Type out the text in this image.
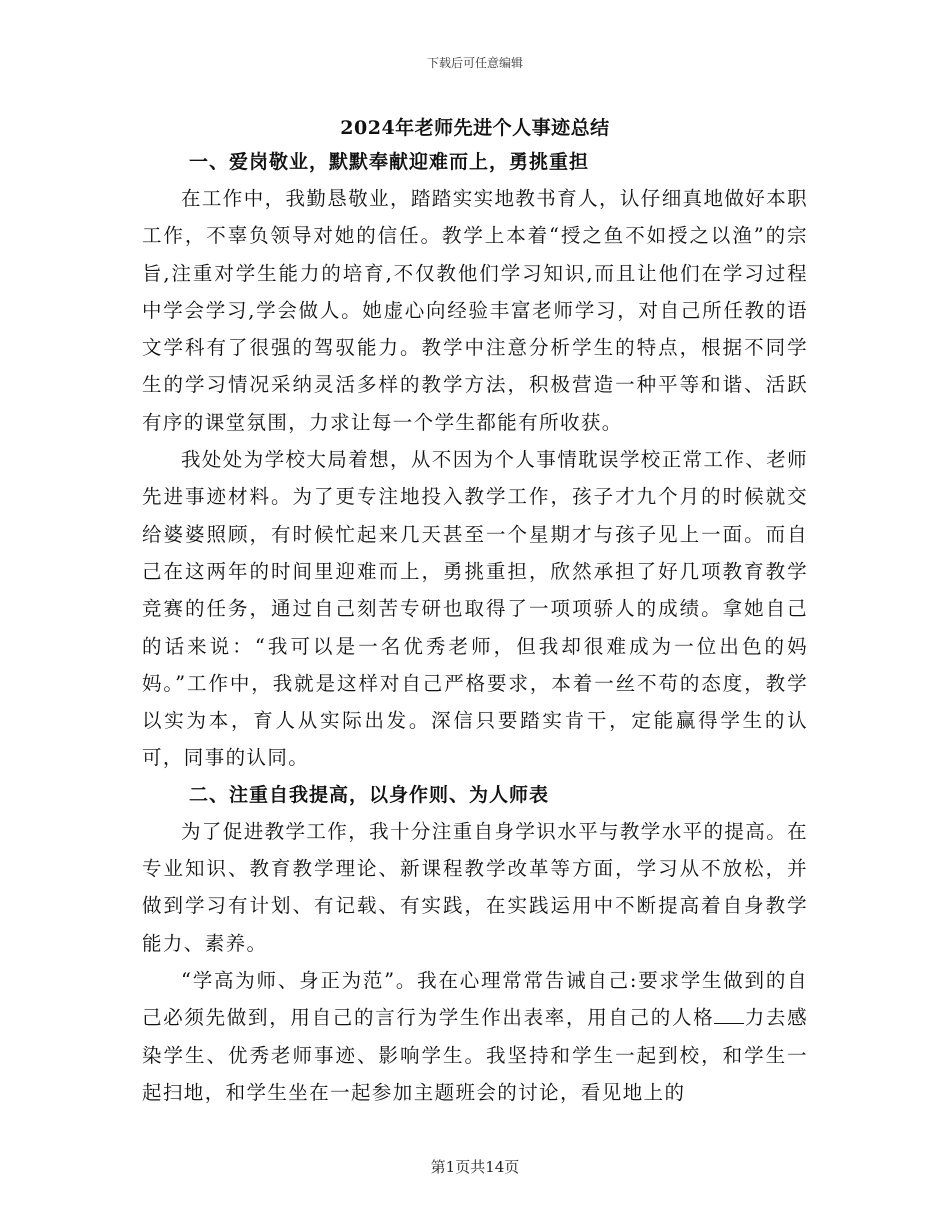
下载后可任意编辑
2024年老师先进个人事迹总结
一、爱岗敬业，默默奉献迎难而上，勇挑重担

在工作中，我勤恳敬业，踏踏实实地教书育人，认仔细真地做好本职工作，不辜负领导对她的信任。教学上本着“授之鱼不如授之以渔”的宗旨,注重对学生能力的培育,不仅教他们学习知识,而且让他们在学习过程中学会学习,学会做人。她虚心向经验丰富老师学习，对自己所任教的语文学科有了很强的驾驭能力。教学中注意分析学生的特点，根据不同学生的学习情况采纳灵活多样的教学方法，积极营造一种平等和谐、活跃有序的课堂氛围，力求让每一个学生都能有所收获。

我处处为学校大局着想，从不因为个人事情耽误学校正常工作、老师先进事迹材料。为了更专注地投入教学工作，孩子才九个月的时候就交给婆婆照顾，有时候忙起来几天甚至一个星期才与孩子见上一面。而自己在这两年的时间里迎难而上，勇挑重担，欣然承担了好几项教育教学竞赛的任务，通过自己刻苦专研也取得了一项项骄人的成绩。拿她自己的话来说：“我可以是一名优秀老师，但我却很难成为一位出色的妈妈。”工作中，我就是这样对自己严格要求，本着一丝不苟的态度，教学以实为本，育人从实际出发。深信只要踏实肯干，定能赢得学生的认可，同事的认同。

二、注重自我提高，以身作则、为人师表

为了促进教学工作，我十分注重自身学识水平与教学水平的提高。在专业知识、教育教学理论、新课程教学改革等方面，学习从不放松，并做到学习有计划、有记载、有实践，在实践运用中不断提高着自身教学能力、素养。

“学高为师、身正为范”。我在心理常常告诫自己:要求学生做到的自己必须先做到，用自己的言行为学生作出表率，用自己的人格 力去感染学生、优秀老师事迹、影响学生。我坚持和学生一起到校，和学生一起扫地，和学生坐在一起参加主题班会的讨论，看见地上的

第1页共14页
